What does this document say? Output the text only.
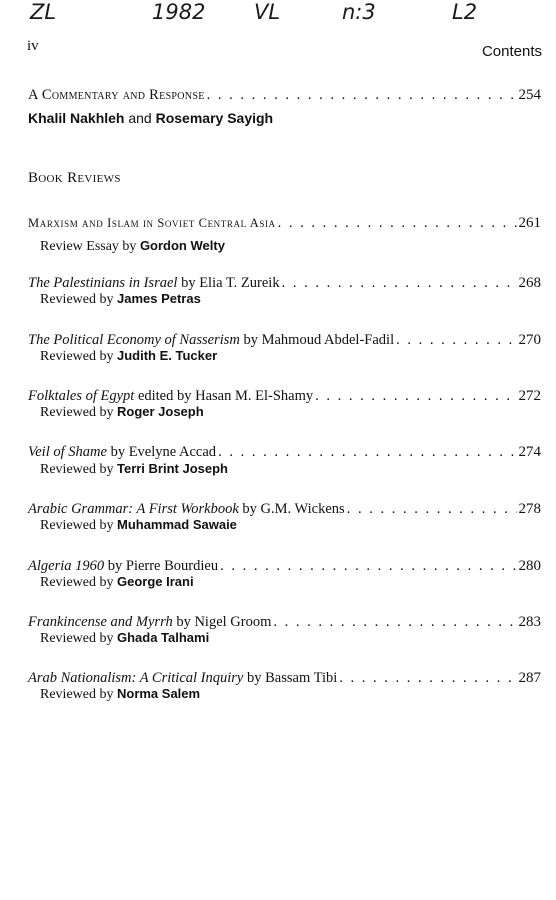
ZL	1982 VL	n:3	L2
iv	Contents
A Commentary and Response . . .	254
Khalil Nakhleh and Rosemary Sayigh
Book Reviews
Marxism and Islam in Soviet Central Asia . . .	261
Review Essay by Gordon Welty
The Palestinians in Israel by Elia T. Zureik . . .	268
Reviewed by James Petras
The Political Economy of Nasserism by Mahmoud Abdel-Fadil . . .	270
Reviewed by Judith E. Tucker
Folktales of Egypt edited by Hasan M. El-Shamy . . .	272
Reviewed by Roger Joseph
Veil of Shame by Evelyne Accad . . .	274
Reviewed by Terri Brint Joseph
Arabic Grammar: A First Workbook by G.M. Wickens . . .	278
Reviewed by Muhammad Sawaie
Algeria 1960 by Pierre Bourdieu . . .	280
Reviewed by George Irani
Frankincense and Myrrh by Nigel Groom . . .	283
Reviewed by Ghada Talhami
Arab Nationalism: A Critical Inquiry by Bassam Tibi . . .	287
Reviewed by Norma Salem
